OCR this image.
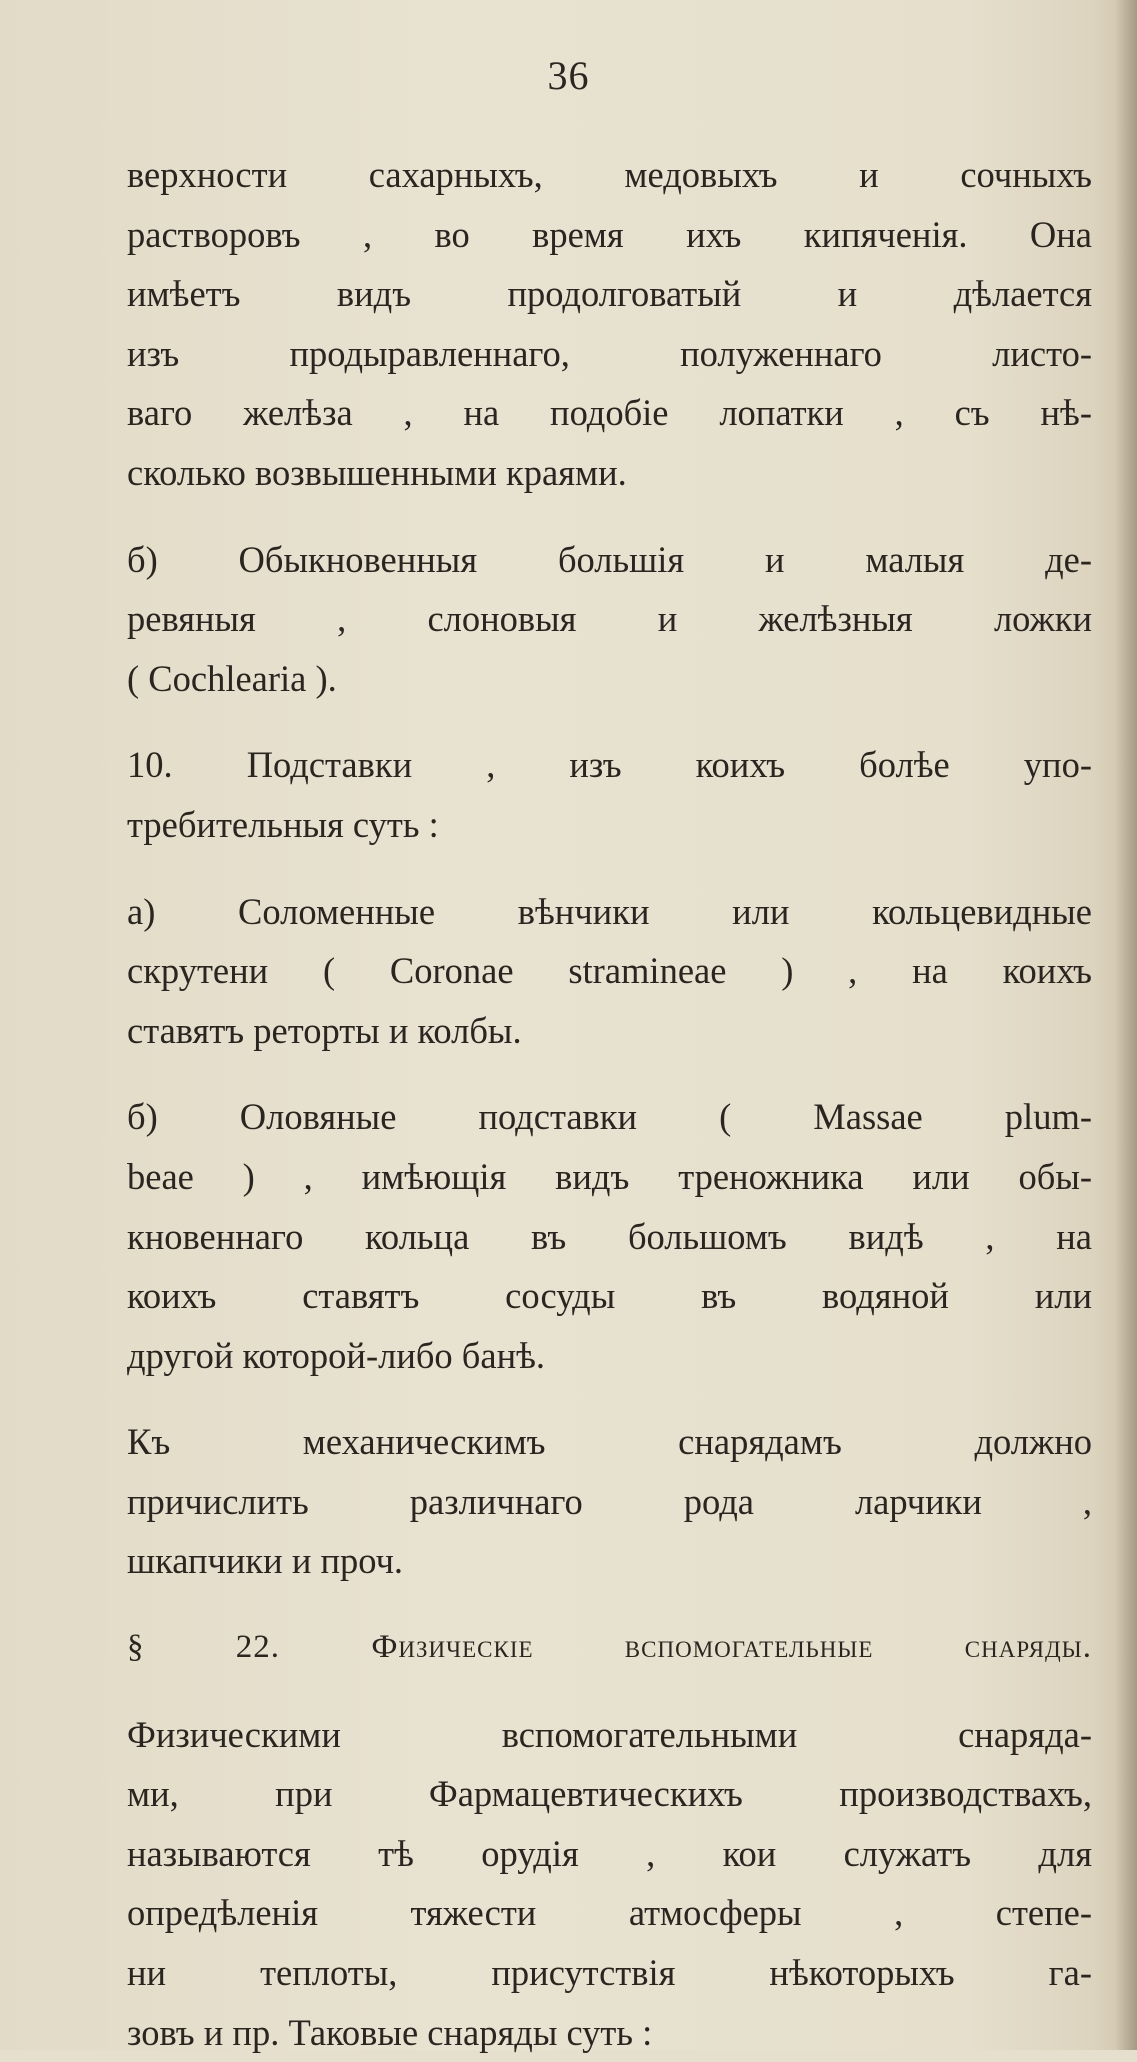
36
верхности сахарныхъ, медовыхъ и сочныхъ
растворовъ , во время ихъ кипяченія. Она
имѣетъ видъ продолговатый и дѣлается
изъ продыравленнаго, полуженнаго листо-
ваго желѣза , на подобіе лопатки , съ нѣ-
сколько возвышенными краями.
б) Обыкновенныя большія и малыя де-
ревяныя , слоновыя и желѣзныя ложки
( Cochlearia ).
10. Подставки , изъ коихъ болѣе упо-
требительныя суть :
а) Соломенные вѣнчики или кольцевидные
скрутени ( Coronae stramineae ) , на коихъ
ставятъ реторты и колбы.
б) Оловяные подставки ( Massae plum-
beae ) , имѣющія видъ треножника или обы-
кновеннаго кольца въ большомъ видѣ , на
коихъ ставятъ сосуды въ водяной или
другой которой-либо банѣ.
Къ механическимъ снарядамъ должно
причислить различнаго рода ларчики ,
шкапчики и проч.
§ 22. Физическіе вспомогательные снаряды.
Физическими вспомогательными снаряда-
ми, при Фармацевтическихъ производствахъ,
называются тѣ орудія , кои служатъ для
опредѣленія тяжести атмосферы , степе-
ни теплоты, присутствія нѣкоторыхъ га-
зовъ и пр. Таковые снаряды суть :
